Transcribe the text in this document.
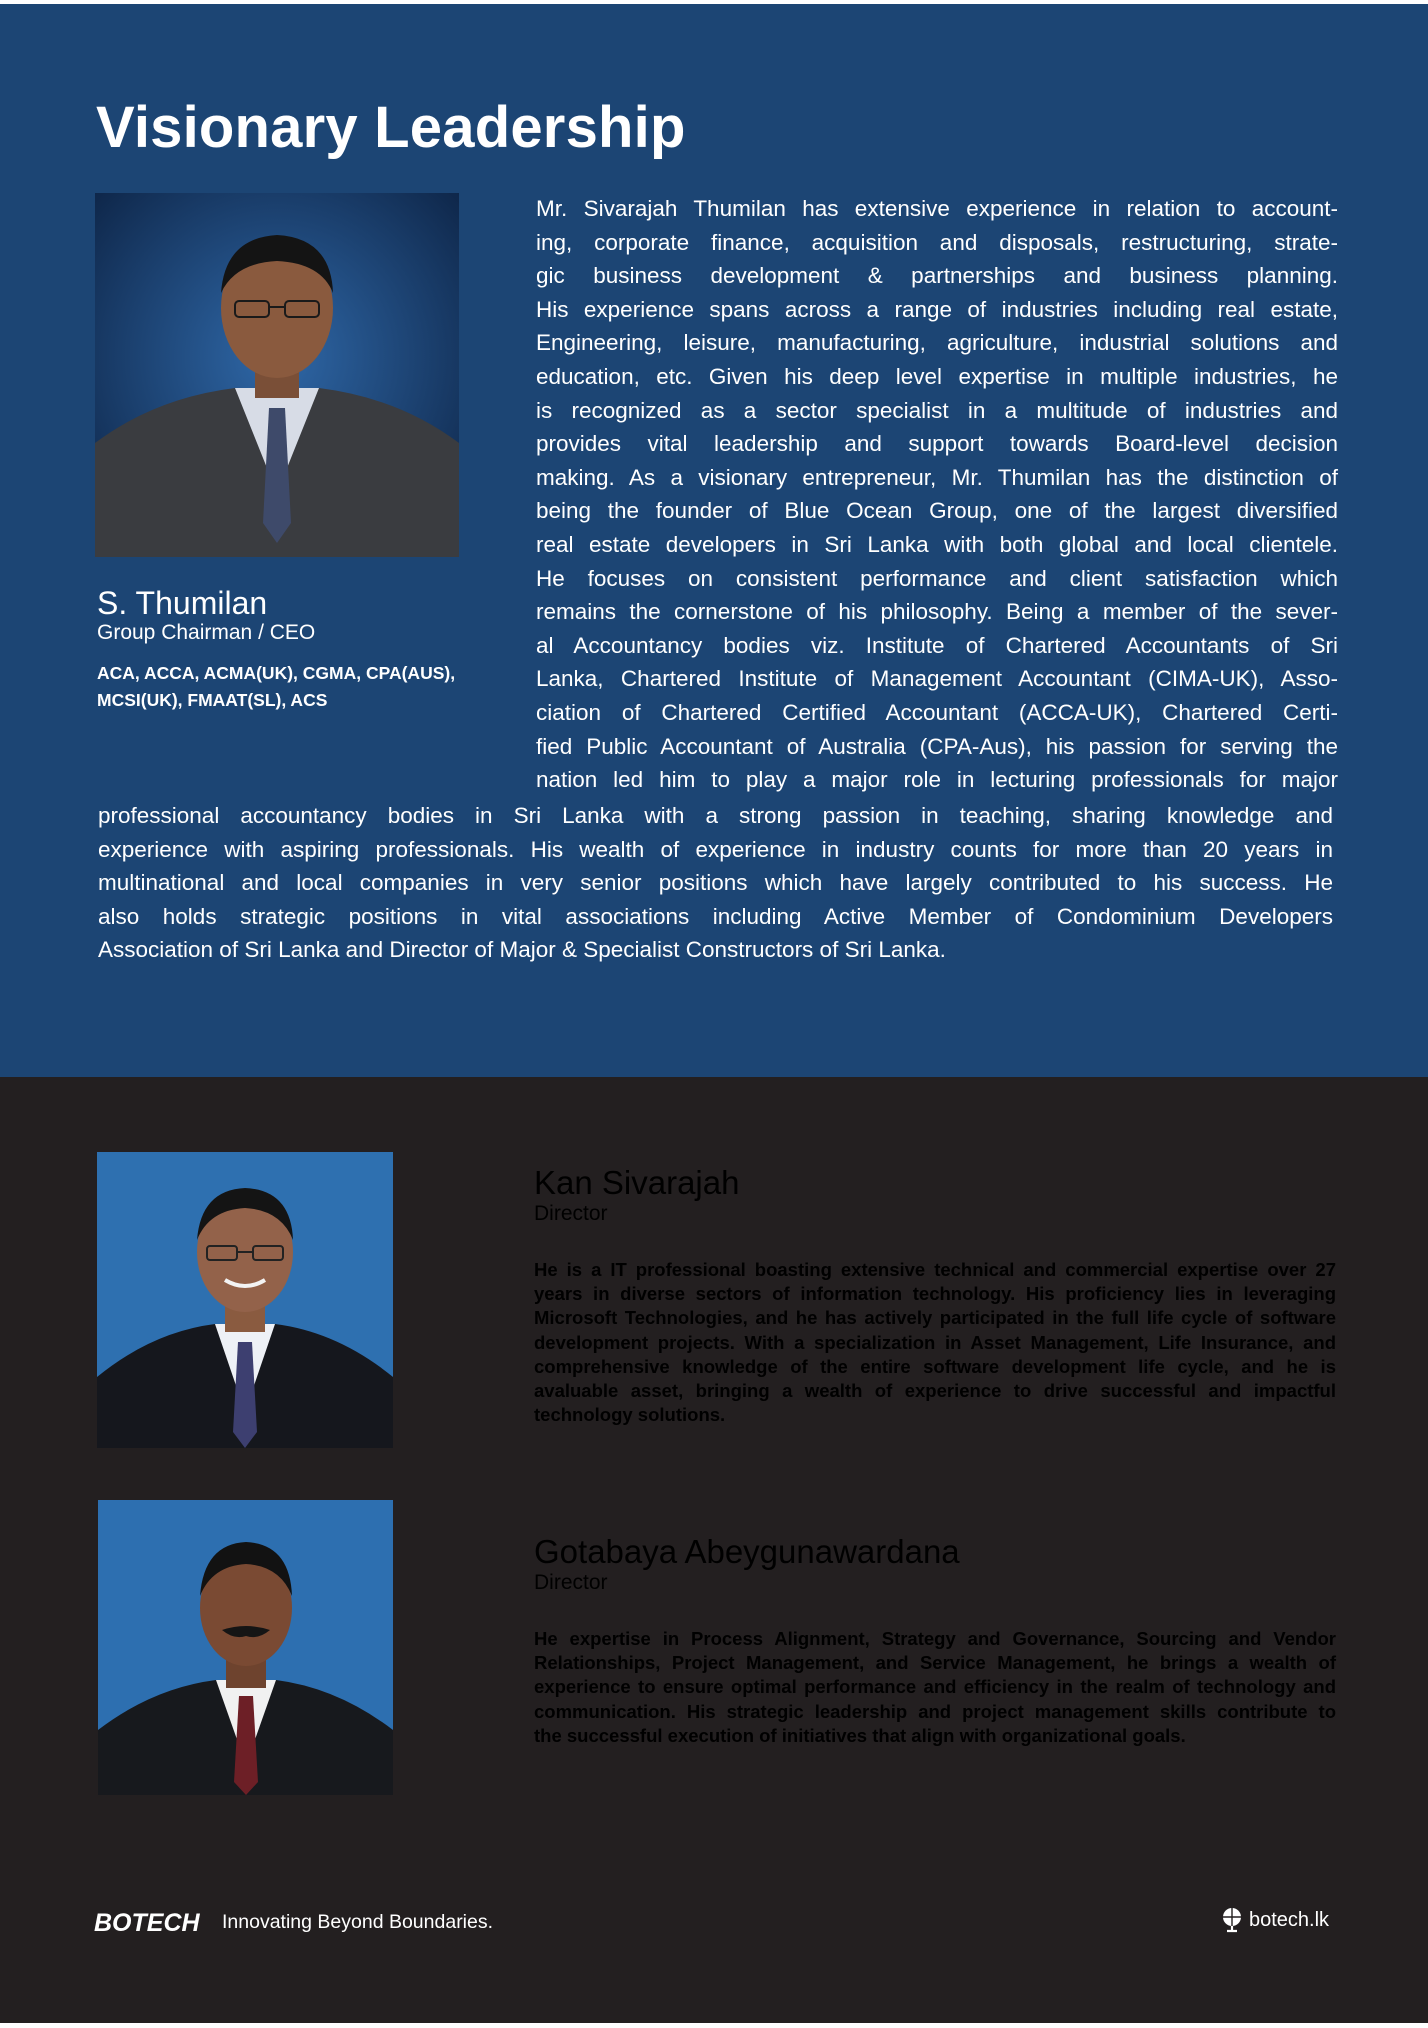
Visionary Leadership
S. Thumilan
Group Chairman / CEO
ACA, ACCA, ACMA(UK), CGMA, CPA(AUS),
MCSI(UK), FMAAT(SL), ACS
Mr. Sivarajah Thumilan has extensive experience in relation to account-
ing, corporate finance, acquisition and disposals, restructuring, strate-
gic business development & partnerships and business planning.
His experience spans across a range of industries including real estate,
Engineering, leisure, manufacturing, agriculture, industrial solutions and
education, etc. Given his deep level expertise in multiple industries, he
is recognized as a sector specialist in a multitude of industries and
provides vital leadership and support towards Board-level decision
making. As a visionary entrepreneur, Mr. Thumilan has the distinction of
being the founder of Blue Ocean Group, one of the largest diversified
real estate developers in Sri Lanka with both global and local clientele.
He focuses on consistent performance and client satisfaction which
remains the cornerstone of his philosophy. Being a member of the sever-
al Accountancy bodies viz. Institute of Chartered Accountants of Sri
Lanka, Chartered Institute of Management Accountant (CIMA-UK), Asso-
ciation of Chartered Certified Accountant (ACCA-UK), Chartered Certi-
fied Public Accountant of Australia (CPA-Aus), his passion for serving the
nation led him to play a major role in lecturing professionals for major
professional accountancy bodies in Sri Lanka with a strong passion in teaching, sharing knowledge and
experience with aspiring professionals. His wealth of experience in industry counts for more than 20 years in
multinational and local companies in very senior positions which have largely contributed to his success. He
also holds strategic positions in vital associations including Active Member of Condominium Developers
Association of Sri Lanka and Director of Major & Specialist Constructors of Sri Lanka.
Kan Sivarajah
Director
He is a IT professional boasting extensive technical and commercial expertise over 27
years in diverse sectors of information technology. His proficiency lies in leveraging
Microsoft Technologies, and he has actively participated in the full life cycle of software
development projects. With a specialization in Asset Management, Life Insurance, and
comprehensive knowledge of the entire software development life cycle, and he is
avaluable asset, bringing a wealth of experience to drive successful and impactful
technology solutions.
Gotabaya Abeygunawardana
Director
He expertise in Process Alignment, Strategy and Governance, Sourcing and Vendor
Relationships, Project Management, and Service Management, he brings a wealth of
experience to ensure optimal performance and efficiency in the realm of technology and
communication. His strategic leadership and project management skills contribute to
the successful execution of initiatives that align with organizational goals.
BOTECH Innovating Beyond Boundaries.	botech.lk
